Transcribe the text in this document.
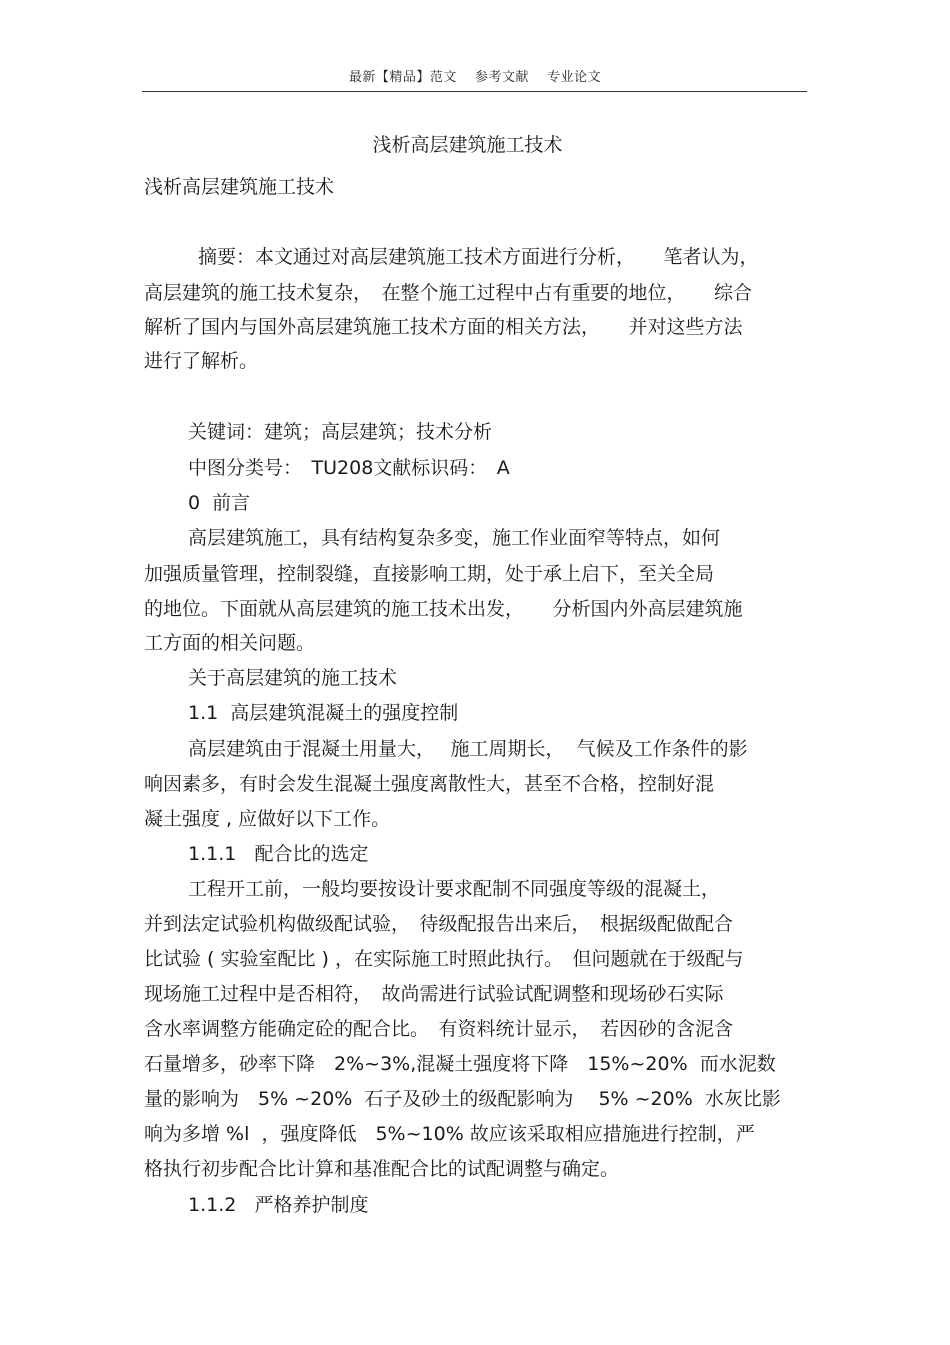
最新【精品】范文　 参考文献　 专业论文
浅析高层建筑施工技术
浅析高层建筑施工技术
摘要：本文通过对高层建筑施工技术方面进行分析，　　笔者认为，
高层建筑的施工技术复杂，　在整个施工过程中占有重要的地位，　　综合
解析了国内与国外高层建筑施工技术方面的相关方法，　　并对这些方法
进行了解析。
关键词：建筑；高层建筑；技术分析
中图分类号：　TU208文献标识码：　A
0  前言
高层建筑施工，具有结构复杂多变，施工作业面窄等特点，如何
加强质量管理，控制裂缝，直接影响工期，处于承上启下，至关全局
的地位。下面就从高层建筑的施工技术出发，　　分析国内外高层建筑施
工方面的相关问题。
关于高层建筑的施工技术
1.1  高层建筑混凝土的强度控制
高层建筑由于混凝土用量大，　 施工周期长，  气候及工作条件的影
响因素多，有时会发生混凝土强度离散性大，甚至不合格，控制好混
凝土强度 , 应做好以下工作。
1.1.1   配合比的选定
工程开工前，一般均要按设计要求配制不同强度等级的混凝土，
并到法定试验机构做级配试验，　待级配报告出来后，　根据级配做配合
比试验 ( 实验室配比 ) ，在实际施工时照此执行。　但问题就在于级配与
现场施工过程中是否相符，　故尚需进行试验试配调整和现场砂石实际
含水率调整方能确定砼的配合比。　有资料统计显示，　若因砂的含泥含
石量增多，砂率下降　2%~3%,混凝土强度将下降　15%~20%  而水泥数
量的影响为　5% ~20%  石子及砂土的级配影响为　 5% ~20%  水灰比影
响为多增 %l  ，强度降低　5%~10% 故应该采取相应措施进行控制，严
格执行初步配合比计算和基准配合比的试配调整与确定。
1.1.2   严格养护制度
